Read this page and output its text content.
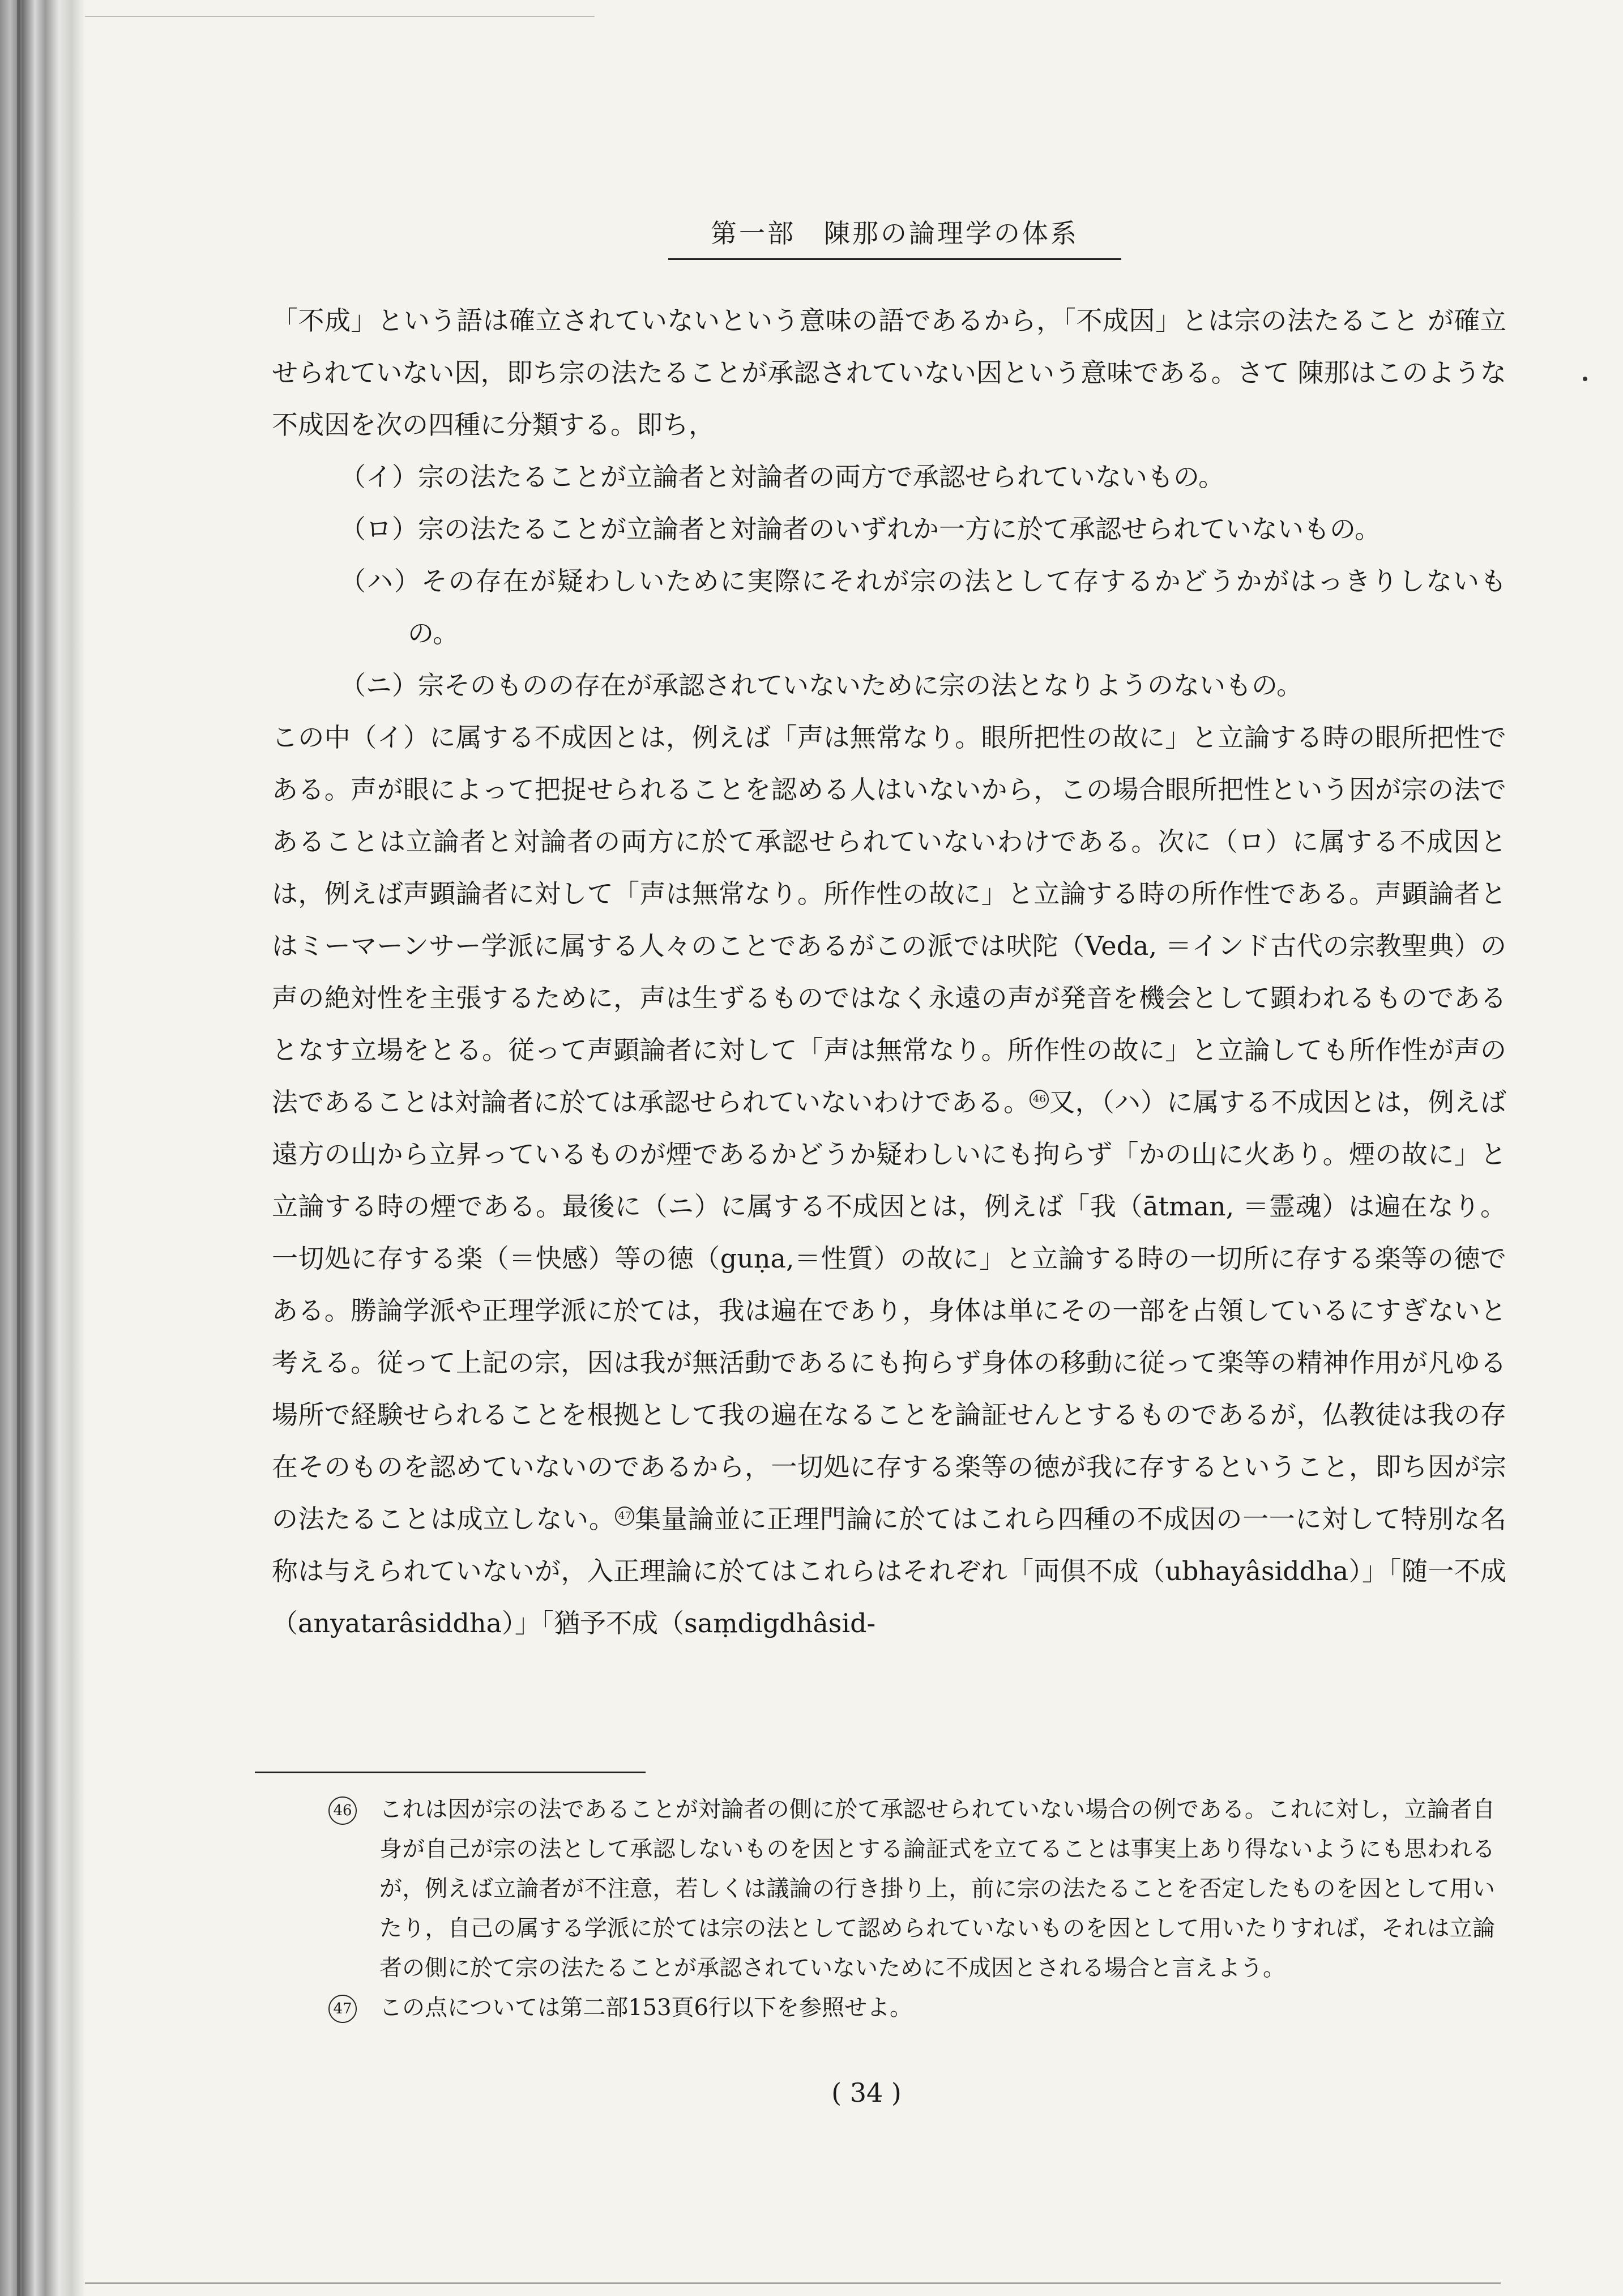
第一部　陳那の論理学の体系

「不成」という語は確立されていないという意味の語であるから，「不成因」とは宗の法たること が確立せられていない因，即ち宗の法たることが承認されていない因という意味である。さて 陳那はこのような不成因を次の四種に分類する。即ち，

（イ）宗の法たることが立論者と対論者の両方で承認せられていないもの。

（ロ）宗の法たることが立論者と対論者のいずれか一方に於て承認せられていないもの。

（ハ）その存在が疑わしいために実際にそれが宗の法として存するかどうかがはっきりしないもの。

（ニ）宗そのものの存在が承認されていないために宗の法となりようのないもの。

この中（イ）に属する不成因とは，例えば「声は無常なり。眼所把性の故に」と立論する時の眼所把性である。声が眼によって把捉せられることを認める人はいないから，この場合眼所把性という因が宗の法であることは立論者と対論者の両方に於て承認せられていないわけである。次に（ロ）に属する不成因とは，例えば声顕論者に対して「声は無常なり。所作性の故に」と立論する時の所作性である。声顕論者とはミーマーンサー学派に属する人々のことであるがこの派では吠陀（Veda, ＝インド古代の宗教聖典）の声の絶対性を主張するために，声は生ずるものではなく永遠の声が発音を機会として顕われるものであるとなす立場をとる。従って声顕論者に対して「声は無常なり。所作性の故に」と立論しても所作性が声の法であることは対論者に於ては承認せられていないわけである。 46 又，（ハ）に属する不成因とは，例えば遠方の山から立昇っているものが煙であるかどうか疑わしいにも拘らず「かの山に火あり。煙の故に」と立論する時の煙である。最後に（ニ）に属する不成因とは，例えば「我（ātman, ＝霊魂）は遍在なり。一切処に存する楽（＝快感）等の徳（guṇa,＝性質）の故に」と立論する時の一切所に存する楽等の徳である。勝論学派や正理学派に於ては，我は遍在であり，身体は単にその一部を占領しているにすぎないと考える。従って上記の宗，因は我が無活動であるにも拘らず身体の移動に従って楽等の精神作用が凡ゆる場所で経験せられることを根拠として我の遍在なることを論証せんとするものであるが，仏教徒は我の存在そのものを認めていないのであるから，一切処に存する楽等の徳が我に存するということ，即ち因が宗の法たることは成立しない。 47 集量論並に正理門論に於てはこれら四種の不成因の一一に対して特別な名称は与えられていないが，入正理論に於てはこれらはそれぞれ「両倶不成（ubhayâsiddha）」「随一不成（anyatarâsiddha）」「猶予不成（saṃdigdhâsid-

46 これは因が宗の法であることが対論者の側に於て承認せられていない場合の例である。これに対し，立論者自身が自己が宗の法として承認しないものを因とする論証式を立てることは事実上あり得ないようにも思われるが，例えば立論者が不注意，若しくは議論の行き掛り上，前に宗の法たることを否定したものを因として用いたり，自己の属する学派に於ては宗の法として認められていないものを因として用いたりすれば，それは立論者の側に於て宗の法たることが承認されていないために不成因とされる場合と言えよう。

47 この点については第二部153頁6行以下を参照せよ。

( 34 )
